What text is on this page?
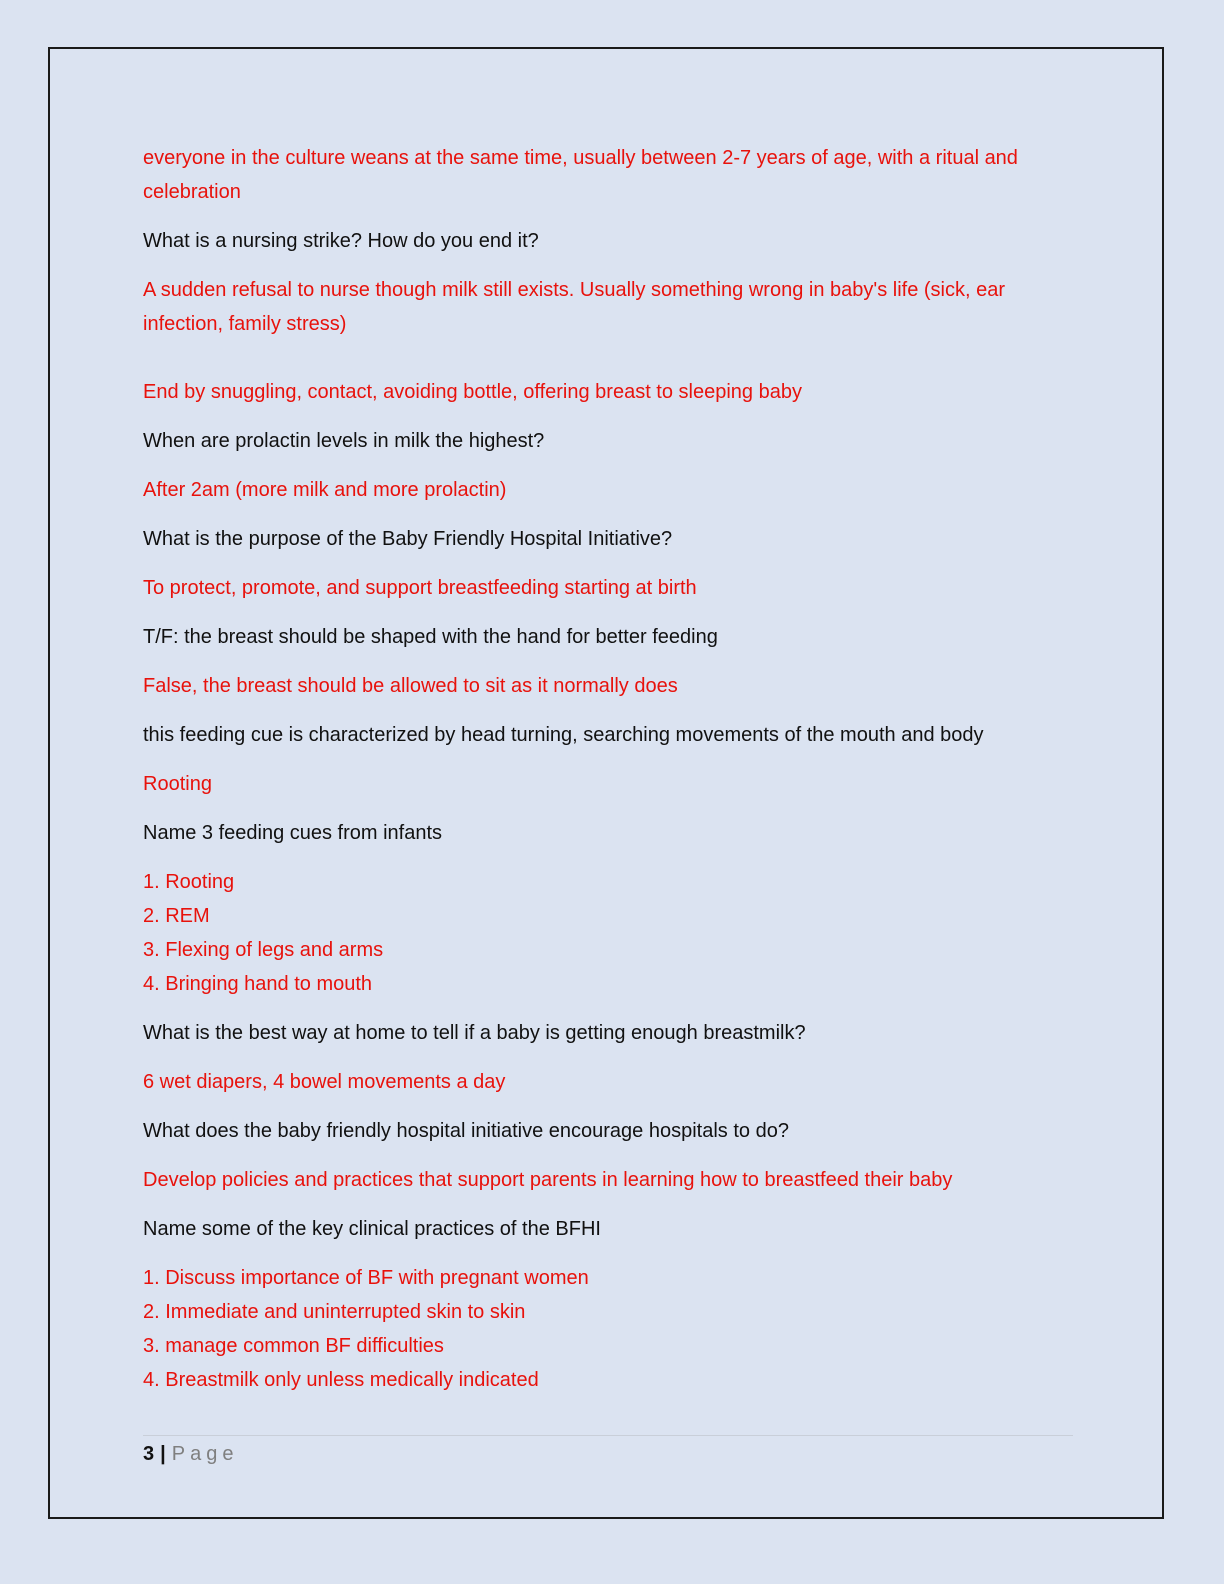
everyone in the culture weans at the same time, usually between 2-7 years of age, with a ritual and celebration

What is a nursing strike? How do you end it?

A sudden refusal to nurse though milk still exists. Usually something wrong in baby's life (sick, ear infection, family stress)

End by snuggling, contact, avoiding bottle, offering breast to sleeping baby

When are prolactin levels in milk the highest?

After 2am (more milk and more prolactin)

What is the purpose of the Baby Friendly Hospital Initiative?

To protect, promote, and support breastfeeding starting at birth

T/F: the breast should be shaped with the hand for better feeding

False, the breast should be allowed to sit as it normally does

this feeding cue is characterized by head turning, searching movements of the mouth and body

Rooting

Name 3 feeding cues from infants

1. Rooting
2. REM
3. Flexing of legs and arms
4. Bringing hand to mouth

What is the best way at home to tell if a baby is getting enough breastmilk?

6 wet diapers, 4 bowel movements a day

What does the baby friendly hospital initiative encourage hospitals to do?

Develop policies and practices that support parents in learning how to breastfeed their baby

Name some of the key clinical practices of the BFHI

1. Discuss importance of BF with pregnant women
2. Immediate and uninterrupted skin to skin
3. manage common BF difficulties
4. Breastmilk only unless medically indicated
3 | Page
